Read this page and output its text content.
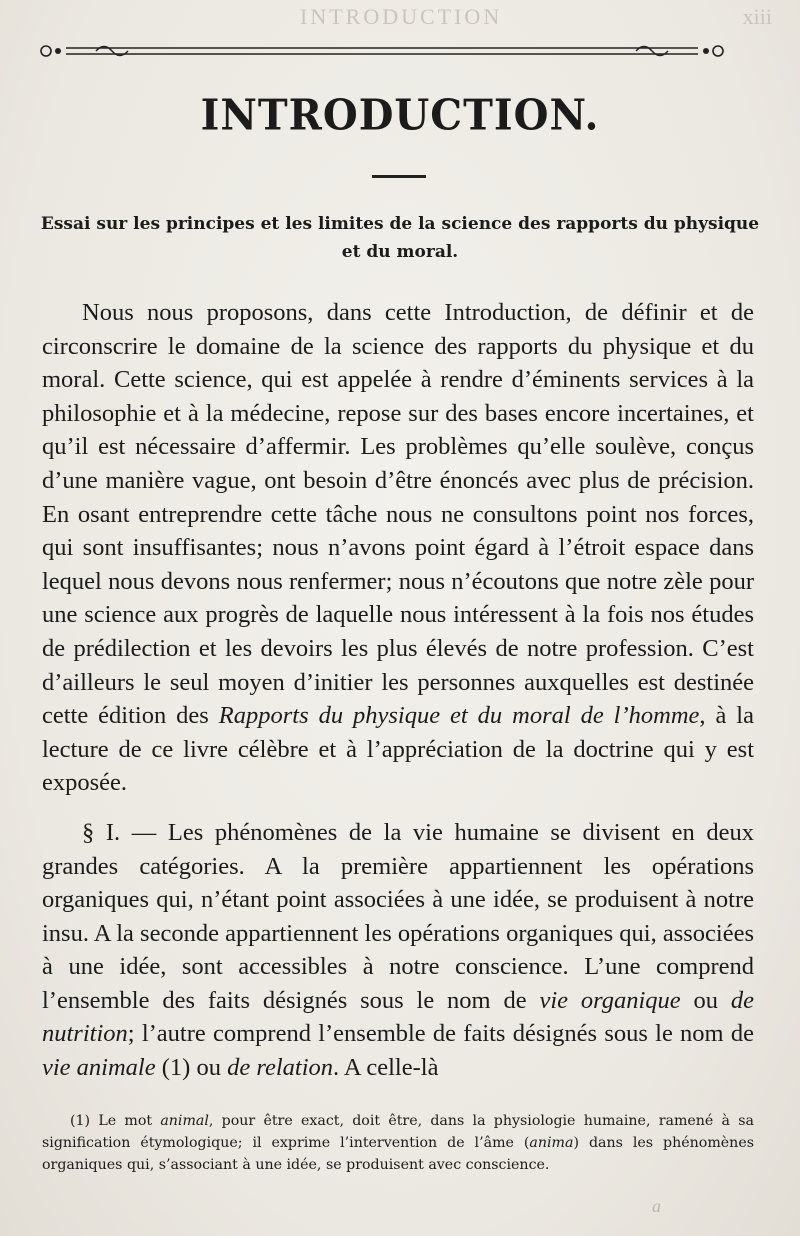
INTRODUCTION	xiii
INTRODUCTION.
Essai sur les principes et les limites de la science des rapports du physique et du moral.

Nous nous proposons, dans cette Introduction, de définir et de circonscrire le domaine de la science des rapports du physique et du moral. Cette science, qui est appelée à rendre d’éminents services à la philosophie et à la médecine, repose sur des bases encore incertaines, et qu’il est nécessaire d’affermir. Les problèmes qu’elle soulève, conçus d’une manière vague, ont besoin d’être énoncés avec plus de précision. En osant entreprendre cette tâche nous ne consultons point nos forces, qui sont insuffisantes; nous n’avons point égard à l’étroit espace dans lequel nous devons nous renfermer; nous n’écoutons que notre zèle pour une science aux progrès de laquelle nous intéressent à la fois nos études de prédilection et les devoirs les plus élevés de notre profession. C’est d’ailleurs le seul moyen d’initier les personnes auxquelles est destinée cette édition des Rapports du physique et du moral de l’homme, à la lecture de ce livre célèbre et à l’appréciation de la doctrine qui y est exposée.

§ I. — Les phénomènes de la vie humaine se divisent en deux grandes catégories. A la première appartiennent les opérations organiques qui, n’étant point associées à une idée, se produisent à notre insu. A la seconde appartiennent les opérations organiques qui, associées à une idée, sont accessibles à notre conscience. L’une comprend l’ensemble des faits désignés sous le nom de vie organique ou de nutrition; l’autre comprend l’ensemble de faits désignés sous le nom de vie animale (1) ou de relation. A celle-là

(1) Le mot animal, pour être exact, doit être, dans la physiologie humaine, ramené à sa signification étymologique; il exprime l’intervention de l’âme (anima) dans les phénomènes organiques qui, s’associant à une idée, se produisent avec conscience.

a
